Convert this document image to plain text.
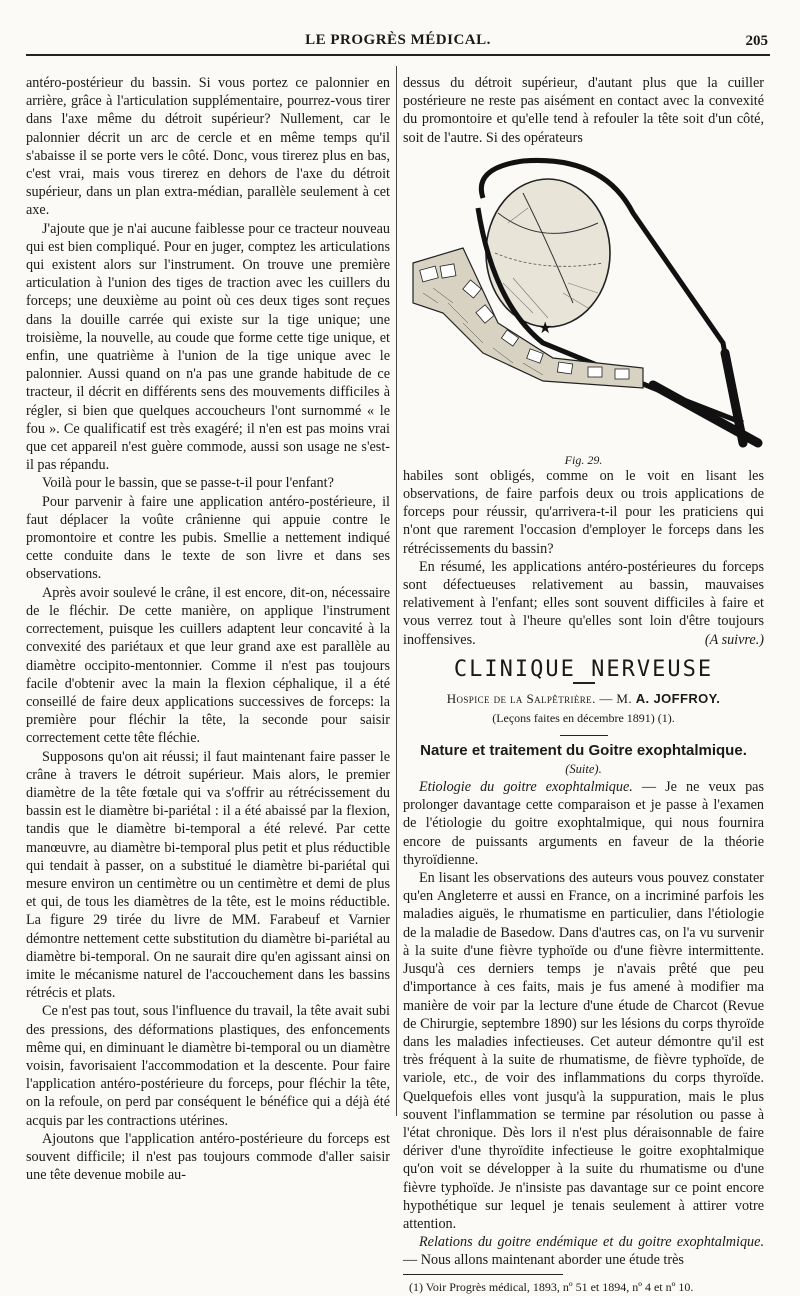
LE PROGRÈS MÉDICAL.	205

antéro-postérieur du bassin. Si vous portez ce palonnier en arrière, grâce à l'articulation supplémentaire, pourrez-vous tirer dans l'axe même du détroit supérieur? Nullement, car le palonnier décrit un arc de cercle et en même temps qu'il s'abaisse il se porte vers le côté. Donc, vous tirerez plus en bas, c'est vrai, mais vous tirerez en dehors de l'axe du détroit supérieur, dans un plan extra-médian, parallèle seulement à cet axe.

J'ajoute que je n'ai aucune faiblesse pour ce tracteur nouveau qui est bien compliqué. Pour en juger, comptez les articulations qui existent alors sur l'instrument. On trouve une première articulation à l'union des tiges de traction avec les cuillers du forceps; une deuxième au point où ces deux tiges sont reçues dans la douille carrée qui existe sur la tige unique; une troisième, la nouvelle, au coude que forme cette tige unique, et enfin, une quatrième à l'union de la tige unique avec le palonnier. Aussi quand on n'a pas une grande habitude de ce tracteur, il décrit en différents sens des mouvements difficiles à régler, si bien que quelques accoucheurs l'ont surnommé « le fou ». Ce qualificatif est très exagéré; il n'en est pas moins vrai que cet appareil n'est guère commode, aussi son usage ne s'est-il pas répandu.

Voilà pour le bassin, que se passe-t-il pour l'enfant?

Pour parvenir à faire une application antéro-postérieure, il faut déplacer la voûte crânienne qui appuie contre le promontoire et contre les pubis. Smellie a nettement indiqué cette conduite dans le texte de son livre et dans ses observations.

Après avoir soulevé le crâne, il est encore, dit-on, nécessaire de le fléchir. De cette manière, on applique l'instrument correctement, puisque les cuillers adaptent leur concavité à la convexité des pariétaux et que leur grand axe est parallèle au diamètre occipito-mentonnier. Comme il n'est pas toujours facile d'obtenir avec la main la flexion céphalique, il a été conseillé de faire deux applications successives de forceps: la première pour fléchir la tête, la seconde pour saisir correctement cette tête fléchie.

Supposons qu'on ait réussi; il faut maintenant faire passer le crâne à travers le détroit supérieur. Mais alors, le premier diamètre de la tête fœtale qui va s'offrir au rétrécissement du bassin est le diamètre bi-pariétal : il a été abaissé par la flexion, tandis que le diamètre bi-temporal a été relevé. Par cette manœuvre, au diamètre bi-temporal plus petit et plus réductible qui tendait à passer, on a substitué le diamètre bi-pariétal qui mesure environ un centimètre ou un centimètre et demi de plus et qui, de tous les diamètres de la tête, est le moins réductible. La figure 29 tirée du livre de MM. Farabeuf et Varnier démontre nettement cette substitution du diamètre bi-pariétal au diamètre bi-temporal. On ne saurait dire qu'en agissant ainsi on imite le mécanisme naturel de l'accouchement dans les bassins rétrécis et plats.

Ce n'est pas tout, sous l'influence du travail, la tête avait subi des pressions, des déformations plastiques, des enfoncements même qui, en diminuant le diamètre bi-temporal ou un diamètre voisin, favorisaient l'accommodation et la descente. Pour faire l'application antéro-postérieure du forceps, pour fléchir la tête, on la refoule, on perd par conséquent le bénéfice qui a déjà été acquis par les contractions utérines.

Ajoutons que l'application antéro-postérieure du forceps est souvent difficile; il n'est pas toujours commode d'aller saisir une tête devenue mobile au-

dessus du détroit supérieur, d'autant plus que la cuiller postérieure ne reste pas aisément en contact avec la convexité du promontoire et qu'elle tend à refouler la tête soit d'un côté, soit de l'autre. Si des opérateurs

★
Fig. 29.

habiles sont obligés, comme on le voit en lisant les observations, de faire parfois deux ou trois applications de forceps pour réussir, qu'arrivera-t-il pour les praticiens qui n'ont que rarement l'occasion d'employer le forceps dans les rétrécissements du bassin?

En résumé, les applications antéro-postérieures du forceps sont défectueuses relativement au bassin, mauvaises relativement à l'enfant; elles sont souvent difficiles à faire et vous verrez tout à l'heure qu'elles sont loin d'être toujours inoffensives.	(A suivre.)
CLINIQUE NERVEUSE
Hospice de la Salpêtrière. — M. A. JOFFROY.
(Leçons faites en décembre 1891) (1).
Nature et traitement du Goitre exophtalmique.
(Suite).

Etiologie du goitre exophtalmique. — Je ne veux pas prolonger davantage cette comparaison et je passe à l'examen de l'étiologie du goitre exophtalmique, qui nous fournira encore de puissants arguments en faveur de la théorie thyroïdienne.

En lisant les observations des auteurs vous pouvez constater qu'en Angleterre et aussi en France, on a incriminé parfois les maladies aiguës, le rhumatisme en particulier, dans l'étiologie de la maladie de Basedow. Dans d'autres cas, on l'a vu survenir à la suite d'une fièvre typhoïde ou d'une fièvre intermittente. Jusqu'à ces derniers temps je n'avais prêté que peu d'importance à ces faits, mais je fus amené à modifier ma manière de voir par la lecture d'une étude de Charcot (Revue de Chirurgie, septembre 1890) sur les lésions du corps thyroïde dans les maladies infectieuses. Cet auteur démontre qu'il est très fréquent à la suite de rhumatisme, de fièvre typhoïde, de variole, etc., de voir des inflammations du corps thyroïde. Quelquefois elles vont jusqu'à la suppuration, mais le plus souvent l'inflammation se termine par résolution ou passe à l'état chronique. Dès lors il n'est plus déraisonnable de faire dériver d'une thyroïdite infectieuse le goitre exophtalmique qu'on voit se développer à la suite du rhumatisme ou d'une fièvre typhoïde. Je n'insiste pas davantage sur ce point encore hypothétique sur lequel je tenais seulement à attirer votre attention.

Relations du goitre endémique et du goitre exophtalmique. — Nous allons maintenant aborder une étude très

(1) Voir Progrès médical, 1893, nº 51 et 1894, nº 4 et nº 10.
